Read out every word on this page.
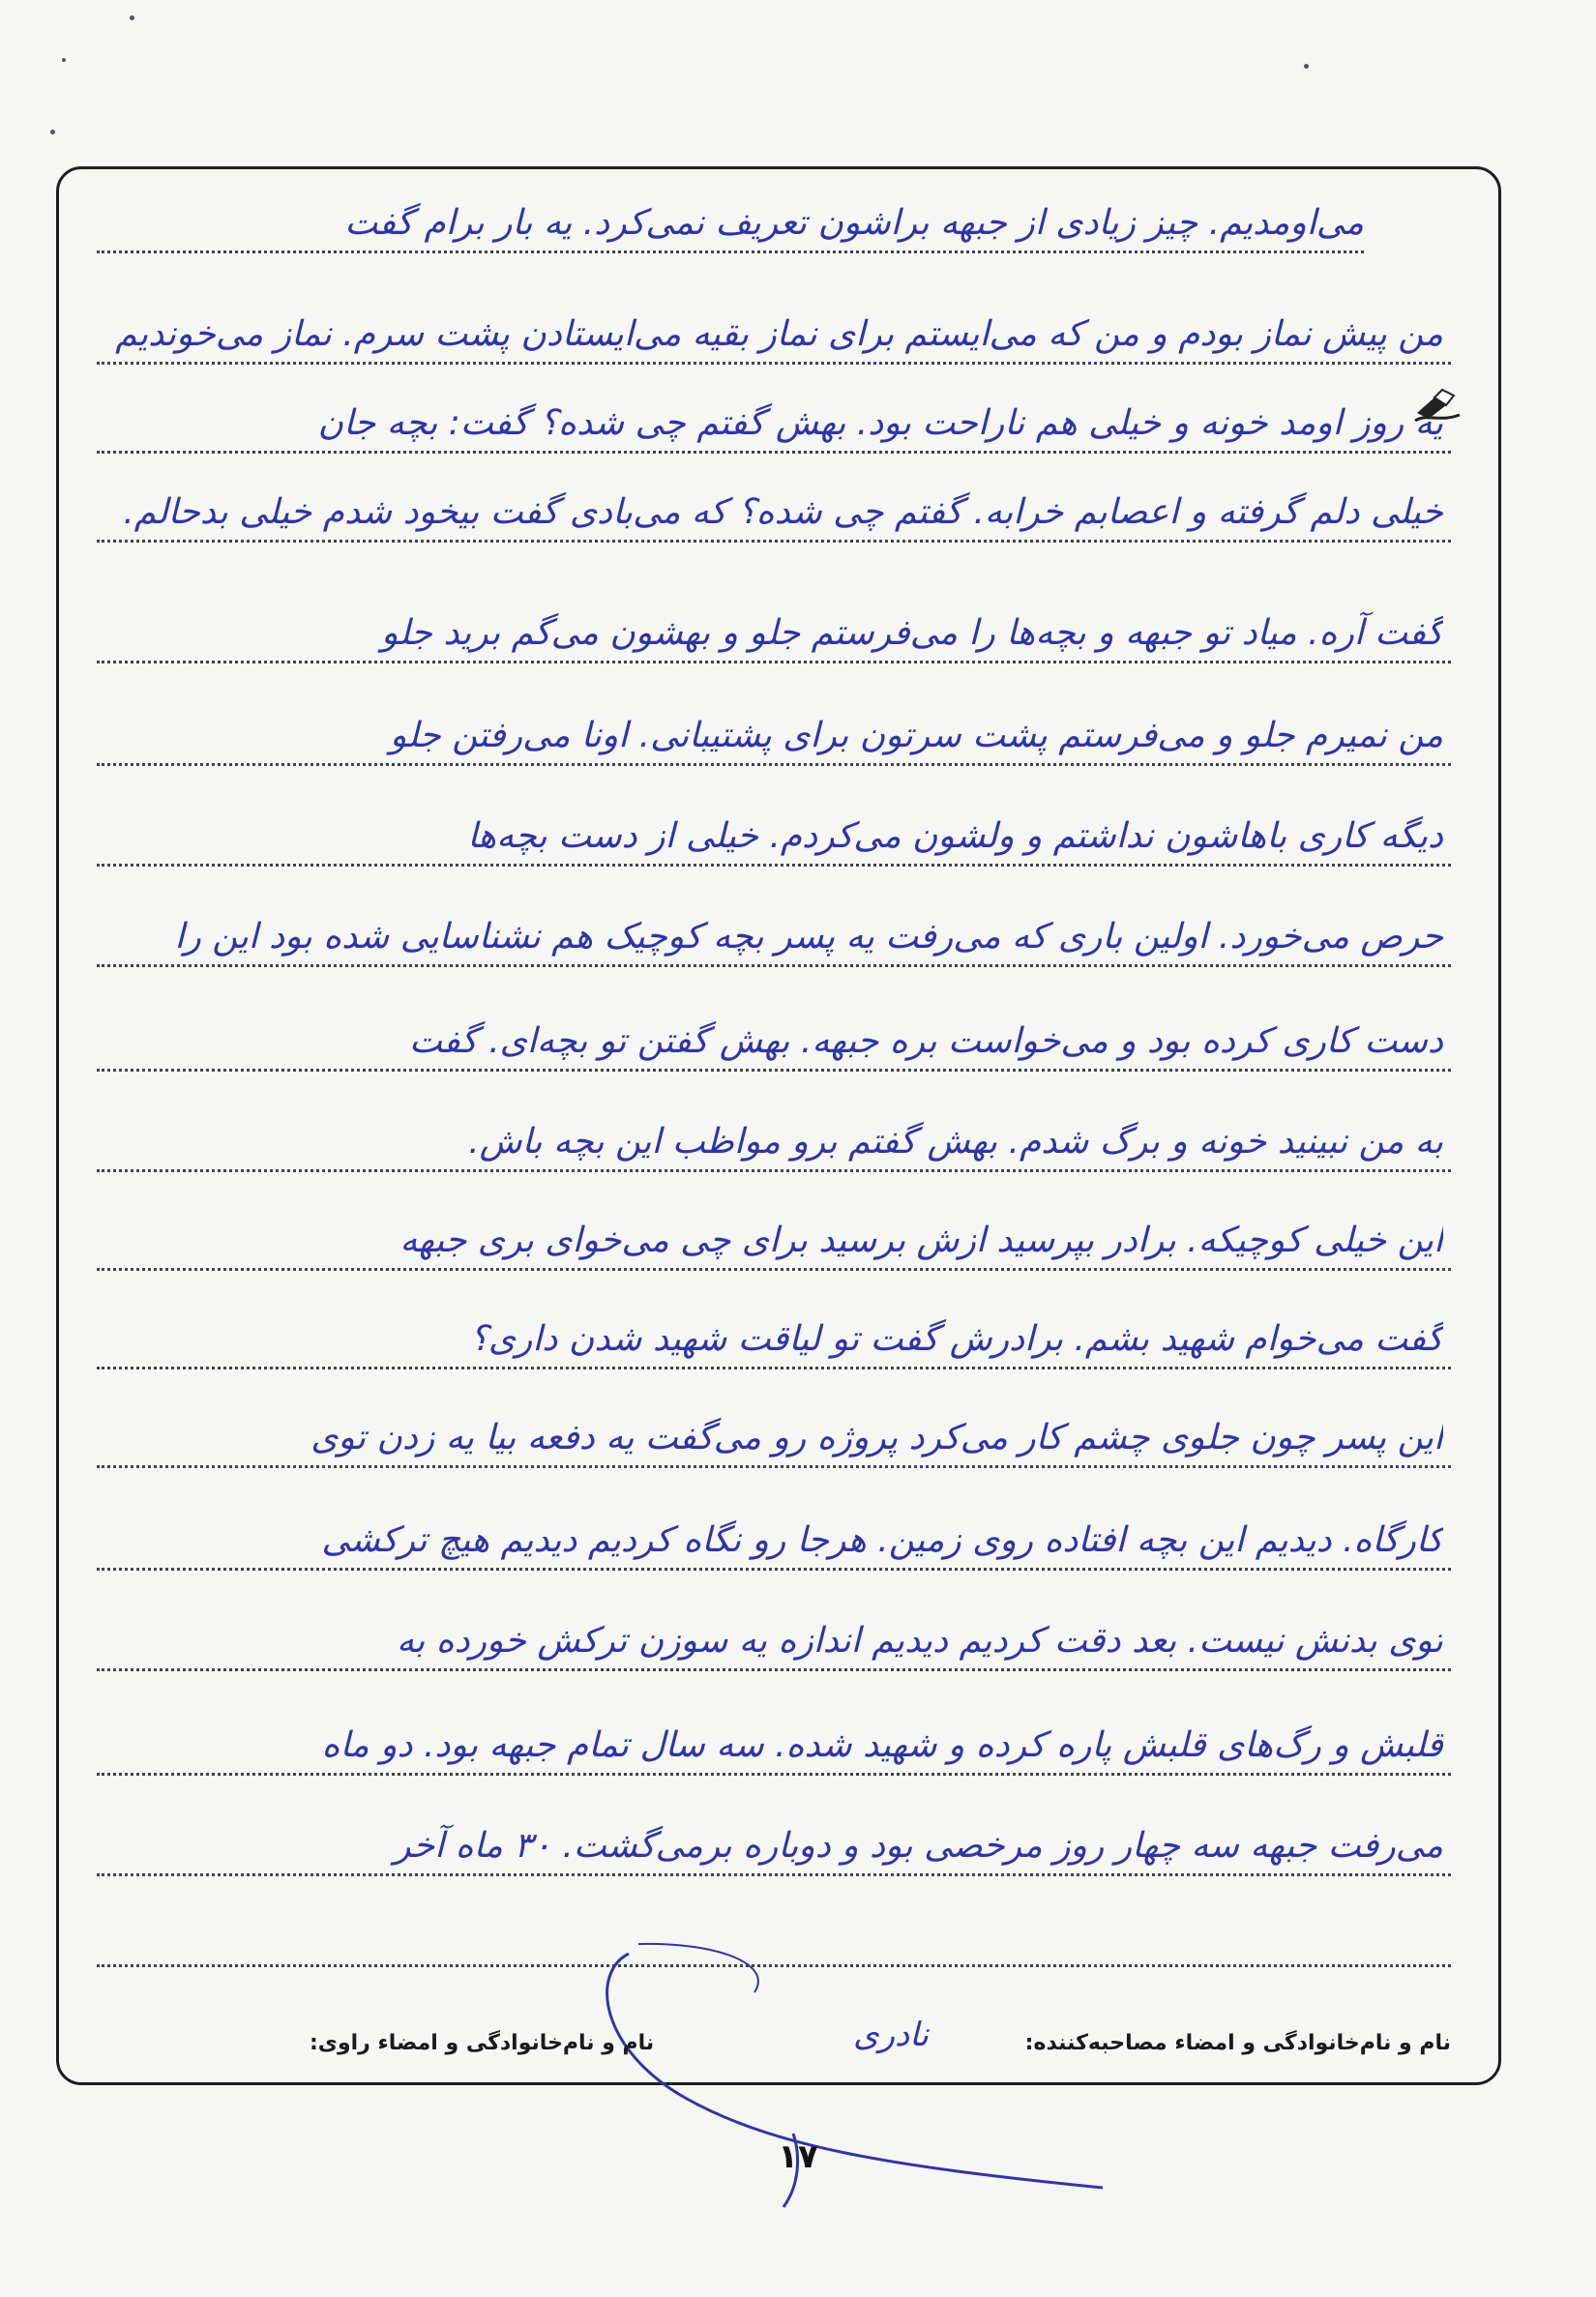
می‌اومدیم. چیز زیادی از جبهه براشون تعریف نمی‌کرد. یه بار برام گفت
من پیش نماز بودم و من که می‌ایستم برای نماز بقیه می‌ایستادن پشت سرم. نماز می‌خوندیم
یه روز اومد خونه و خیلی هم ناراحت بود. بهش گفتم چی شده؟ گفت: بچه جان
خیلی دلم گرفته و اعصابم خرابه. گفتم چی شده؟ که می‌بادی گفت بیخود شدم خیلی بدحالم.
گفت آره. میاد تو جبهه و بچه‌ها را می‌فرستم جلو و بهشون می‌گم برید جلو
من نمیرم جلو و می‌فرستم پشت سرتون برای پشتیبانی. اونا می‌رفتن جلو
دیگه کاری باهاشون نداشتم و ولشون می‌کردم. خیلی از دست بچه‌ها
حرص می‌خورد. اولین باری که می‌رفت یه پسر بچه کوچیک هم نشناسایی شده بود این را
دست کاری کرده بود و می‌خواست بره جبهه. بهش گفتن تو بچه‌ای. گفت
به من نبینید خونه و برگ شدم. بهش گفتم برو مواظب این بچه باش.
این خیلی کوچیکه. برادر بپرسید ازش برسید برای چی می‌خوای بری جبهه
گفت می‌خوام شهید بشم. برادرش گفت تو لیاقت شهید شدن داری؟
این پسر چون جلوی چشم کار می‌کرد پروژه رو می‌گفت یه دفعه بیا یه زدن توی
کارگاه. دیدیم این بچه افتاده روی زمین. هرجا رو نگاه کردیم دیدیم هیچ ترکشی
توی بدنش نیست. بعد دقت کردیم دیدیم اندازه یه سوزن ترکش خورده به
قلبش و رگ‌های قلبش پاره کرده و شهید شده. سه سال تمام جبهه بود. دو ماه
می‌رفت جبهه سه چهار روز مرخصی بود و دوباره برمی‌گشت. ۳۰ ماه آخر
نام و نام‌خانوادگی و امضاء مصاحبه‌کننده:
نادری
نام و نام‌خانوادگی و امضاء راوی:
۱۷
